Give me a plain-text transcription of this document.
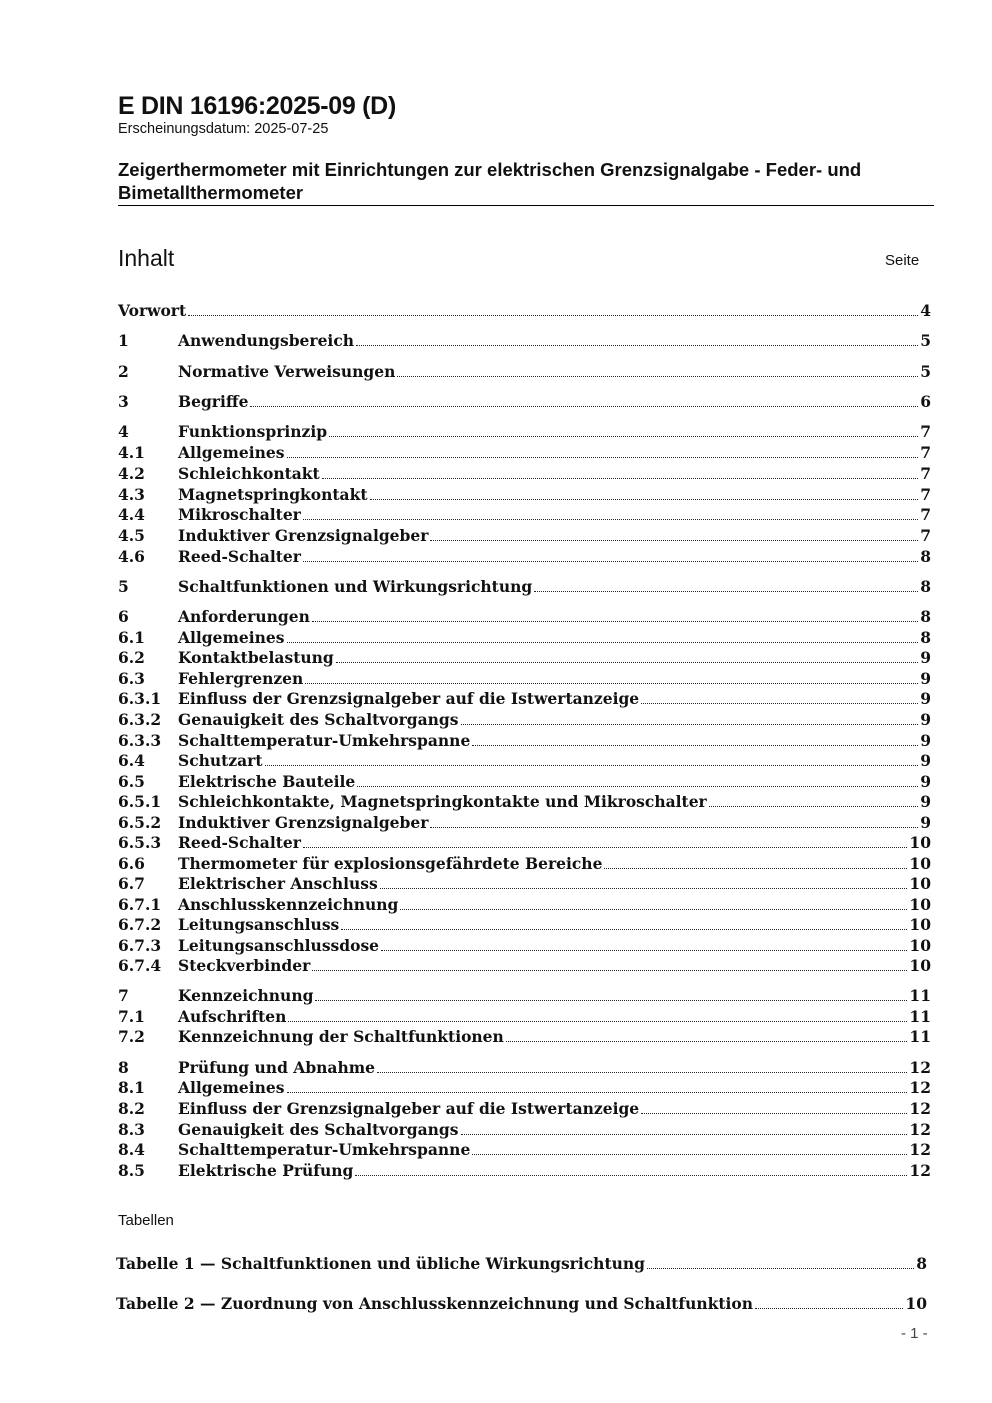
E DIN 16196:2025-09 (D)
Erscheinungsdatum: 2025-07-25
Zeigerthermometer mit Einrichtungen zur elektrischen Grenzsignalgabe - Feder- und Bimetallthermometer
Inhalt	Seite
Vorwort	4
1	Anwendungsbereich	5
2	Normative Verweisungen	5
3	Begriffe	6
4	Funktionsprinzip	7
4.1	Allgemeines	7
4.2	Schleichkontakt	7
4.3	Magnetspringkontakt	7
4.4	Mikroschalter	7
4.5	Induktiver Grenzsignalgeber	7
4.6	Reed-Schalter	8
5	Schaltfunktionen und Wirkungsrichtung	8
6	Anforderungen	8
6.1	Allgemeines	8
6.2	Kontaktbelastung	9
6.3	Fehlergrenzen	9
6.3.1	Einfluss der Grenzsignalgeber auf die Istwertanzeige	9
6.3.2	Genauigkeit des Schaltvorgangs	9
6.3.3	Schalttemperatur-Umkehrspanne	9
6.4	Schutzart	9
6.5	Elektrische Bauteile	9
6.5.1	Schleichkontakte, Magnetspringkontakte und Mikroschalter	9
6.5.2	Induktiver Grenzsignalgeber	9
6.5.3	Reed-Schalter	10
6.6	Thermometer für explosionsgefährdete Bereiche	10
6.7	Elektrischer Anschluss	10
6.7.1	Anschlusskennzeichnung	10
6.7.2	Leitungsanschluss	10
6.7.3	Leitungsanschlussdose	10
6.7.4	Steckverbinder	10
7	Kennzeichnung	11
7.1	Aufschriften	11
7.2	Kennzeichnung der Schaltfunktionen	11
8	Prüfung und Abnahme	12
8.1	Allgemeines	12
8.2	Einfluss der Grenzsignalgeber auf die Istwertanzeige	12
8.3	Genauigkeit des Schaltvorgangs	12
8.4	Schalttemperatur-Umkehrspanne	12
8.5	Elektrische Prüfung	12
Tabellen
Tabelle 1 — Schaltfunktionen und übliche Wirkungsrichtung	8
Tabelle 2 — Zuordnung von Anschlusskennzeichnung und Schaltfunktion	10
- 1 -
